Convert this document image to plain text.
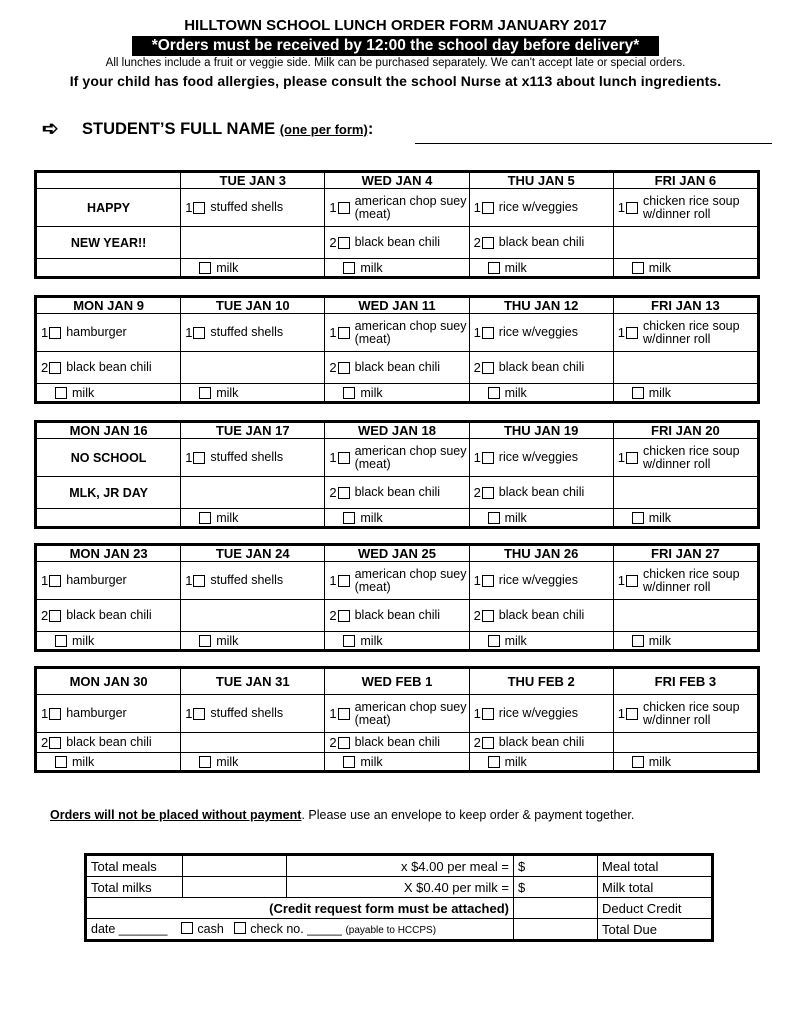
HILLTOWN SCHOOL LUNCH ORDER FORM JANUARY 2017
*Orders must be received by 12:00 the school day before delivery*
All lunches include a fruit or veggie side. Milk can be purchased separately. We can't accept late or special orders.
If your child has food allergies, please consult the school Nurse at x113 about lunch ingredients.
➪ STUDENT’S FULL NAME (one per form):
	TUE JAN 3	WED JAN 4	THU JAN 5	FRI JAN 6
HAPPY	1 stuffed shells	1 american chop suey (meat)	1 rice w/veggies	1 chicken rice soup w/dinner roll

NEW YEAR!!		2 black bean chili	2 black bean chili	

	milk	milk	milk	milk
MON JAN 9	TUE JAN 10	WED JAN 11	THU JAN 12	FRI JAN 13

1 hamburger	1 stuffed shells	1 american chop suey (meat)	1 rice w/veggies	1 chicken rice soup w/dinner roll

2 black bean chili		2 black bean chili	2 black bean chili	

milk	milk	milk	milk	milk
MON JAN 16	TUE JAN 17	WED JAN 18	THU JAN 19	FRI JAN 20
NO SCHOOL	1 stuffed shells	1 american chop suey (meat)	1 rice w/veggies	1 chicken rice soup w/dinner roll

MLK, JR DAY		2 black bean chili	2 black bean chili	

	milk	milk	milk	milk
MON JAN 23	TUE JAN 24	WED JAN 25	THU JAN 26	FRI JAN 27

1 hamburger	1 stuffed shells	1 american chop suey (meat)	1 rice w/veggies	1 chicken rice soup w/dinner roll

2 black bean chili		2 black bean chili	2 black bean chili	

milk	milk	milk	milk	milk
MON JAN 30	TUE JAN 31	WED FEB 1	THU FEB 2	FRI FEB 3

1 hamburger	1 stuffed shells	1 american chop suey (meat)	1 rice w/veggies	1 chicken rice soup w/dinner roll

2 black bean chili		2 black bean chili	2 black bean chili	

milk	milk	milk	milk	milk
Orders will not be placed without payment. Please use an envelope to keep order & payment together.
Total meals		x $4.00 per meal =	$	Meal total
Total milks		X $0.40 per milk =	$	Milk total
(Credit request form must be attached)				Deduct Credit
date _______ cash check no. _____ (payable to HCCPS)				Total Due
